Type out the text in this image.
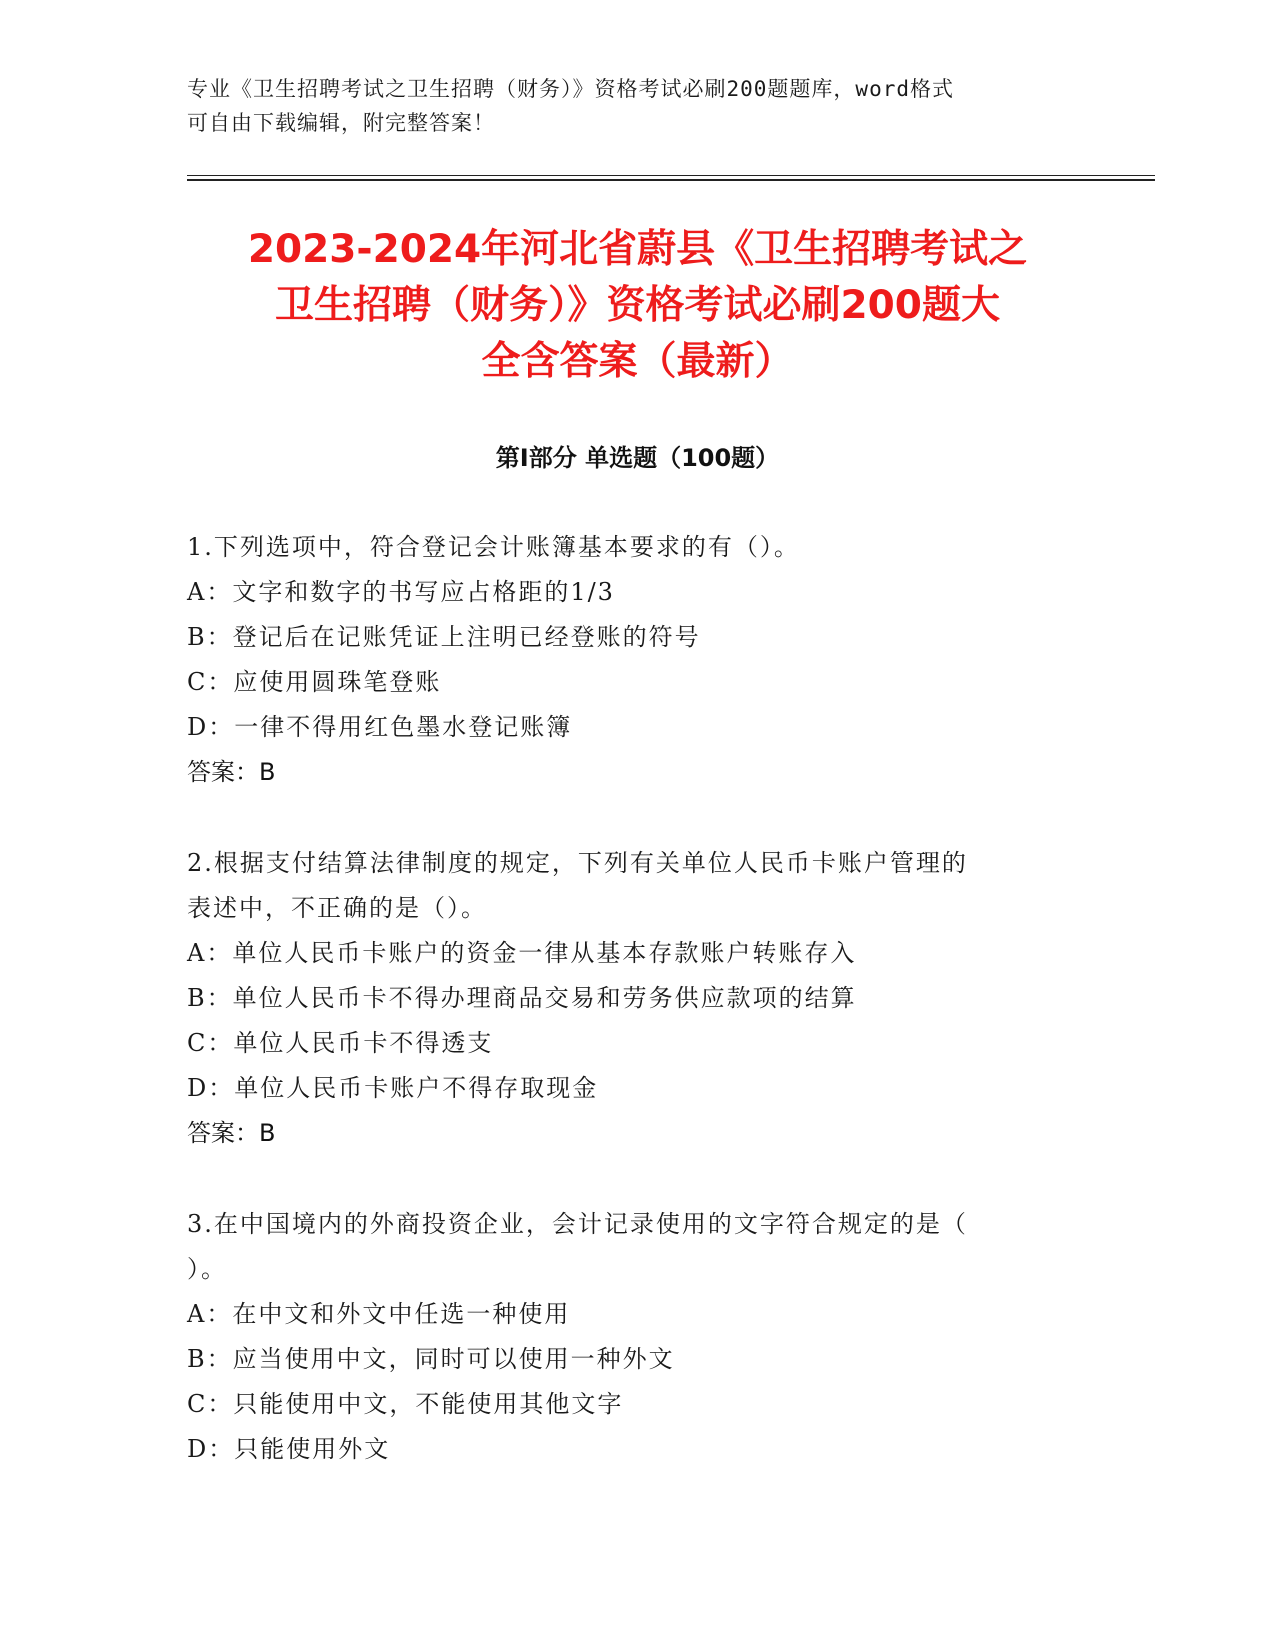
专业《卫生招聘考试之卫生招聘（财务）》资格考试必刷200题题库，word格式
可自由下载编辑，附完整答案！
2023-2024年河北省蔚县《卫生招聘考试之
卫生招聘（财务）》资格考试必刷200题大
全含答案（最新）
第Ⅰ部分 单选题（100题）
1.下列选项中，符合登记会计账簿基本要求的有（）。
A：文字和数字的书写应占格距的1/3
B：登记后在记账凭证上注明已经登账的符号
C：应使用圆珠笔登账
D：一律不得用红色墨水登记账簿
答案：B
2.根据支付结算法律制度的规定，下列有关单位人民币卡账户管理的
表述中，不正确的是（）。
A：单位人民币卡账户的资金一律从基本存款账户转账存入
B：单位人民币卡不得办理商品交易和劳务供应款项的结算
C：单位人民币卡不得透支
D：单位人民币卡账户不得存取现金
答案：B
3.在中国境内的外商投资企业，会计记录使用的文字符合规定的是（
）。
A：在中文和外文中任选一种使用
B：应当使用中文，同时可以使用一种外文
C：只能使用中文，不能使用其他文字
D：只能使用外文
